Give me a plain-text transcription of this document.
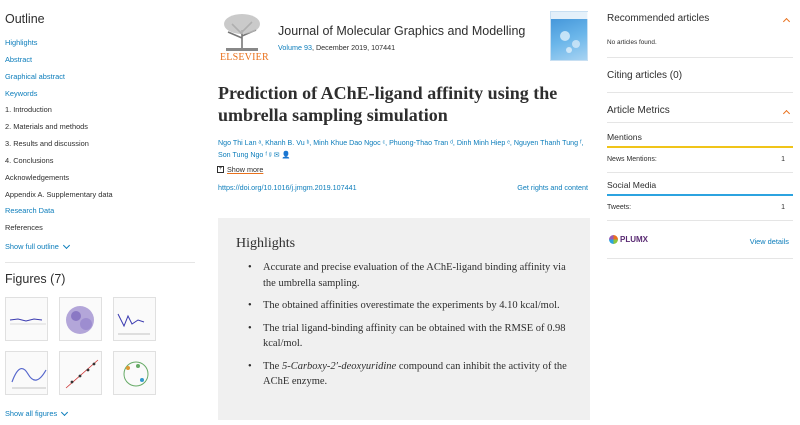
Outline
Highlights
Abstract
Graphical abstract
Keywords
1. Introduction
2. Materials and methods
3. Results and discussion
4. Conclusions
Acknowledgements
Appendix A. Supplementary data
Research Data
References
Show full outline
Figures (7)
Show all figures
ELSEVIER
Journal of Molecular Graphics and Modelling
Volume 93, December 2019, 107441
Prediction of AChE-ligand affinity using the umbrella sampling simulation
Ngo Thi Lan ᵃ, Khanh B. Vu ᵇ, Minh Khue Dao Ngoc ᶜ, Phuong-Thao Tran ᵈ, Dinh Minh Hiep ᵉ, Nguyen Thanh Tung ᶠ, Son Tung Ngo ᶠ ᵍ ✉ 👤
+ Show more
https://doi.org/10.1016/j.jmgm.2019.107441	Get rights and content
Highlights
• Accurate and precise evaluation of the AChE-ligand binding affinity via the umbrella sampling.
• The obtained affinities overestimate the experiments by 4.10 kcal/mol.
• The trial ligand-binding affinity can be obtained with the RMSE of 0.98 kcal/mol.
• The 5-Carboxy-2′-deoxyuridine compound can inhibit the activity of the AChE enzyme.
Recommended articles
No articles found.
Citing articles (0)
Article Metrics
Mentions
News Mentions:	1
Social Media
Tweets:	1
PLUMX	View details
